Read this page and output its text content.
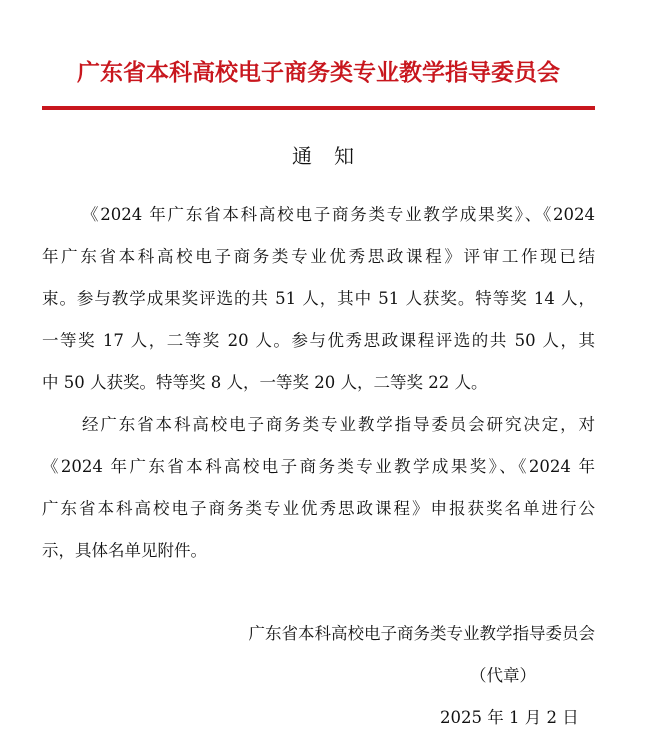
广东省本科高校电子商务类专业教学指导委员会
通知
《2024 年广东省本科高校电子商务类专业教学成果奖》、《2024
年广东省本科高校电子商务类专业优秀思政课程》评审工作现已结
束。参与教学成果奖评选的共 51 人，其中 51 人获奖。特等奖 14 人，
一等奖 17 人，二等奖 20 人。参与优秀思政课程评选的共 50 人，其
中 50 人获奖。特等奖 8 人，一等奖 20 人，二等奖 22 人。
经广东省本科高校电子商务类专业教学指导委员会研究决定，对
《2024 年广东省本科高校电子商务类专业教学成果奖》、《2024 年
广东省本科高校电子商务类专业优秀思政课程》申报获奖名单进行公
示，具体名单见附件。
广东省本科高校电子商务类专业教学指导委员会
（代章）
2025 年 1 月 2 日
